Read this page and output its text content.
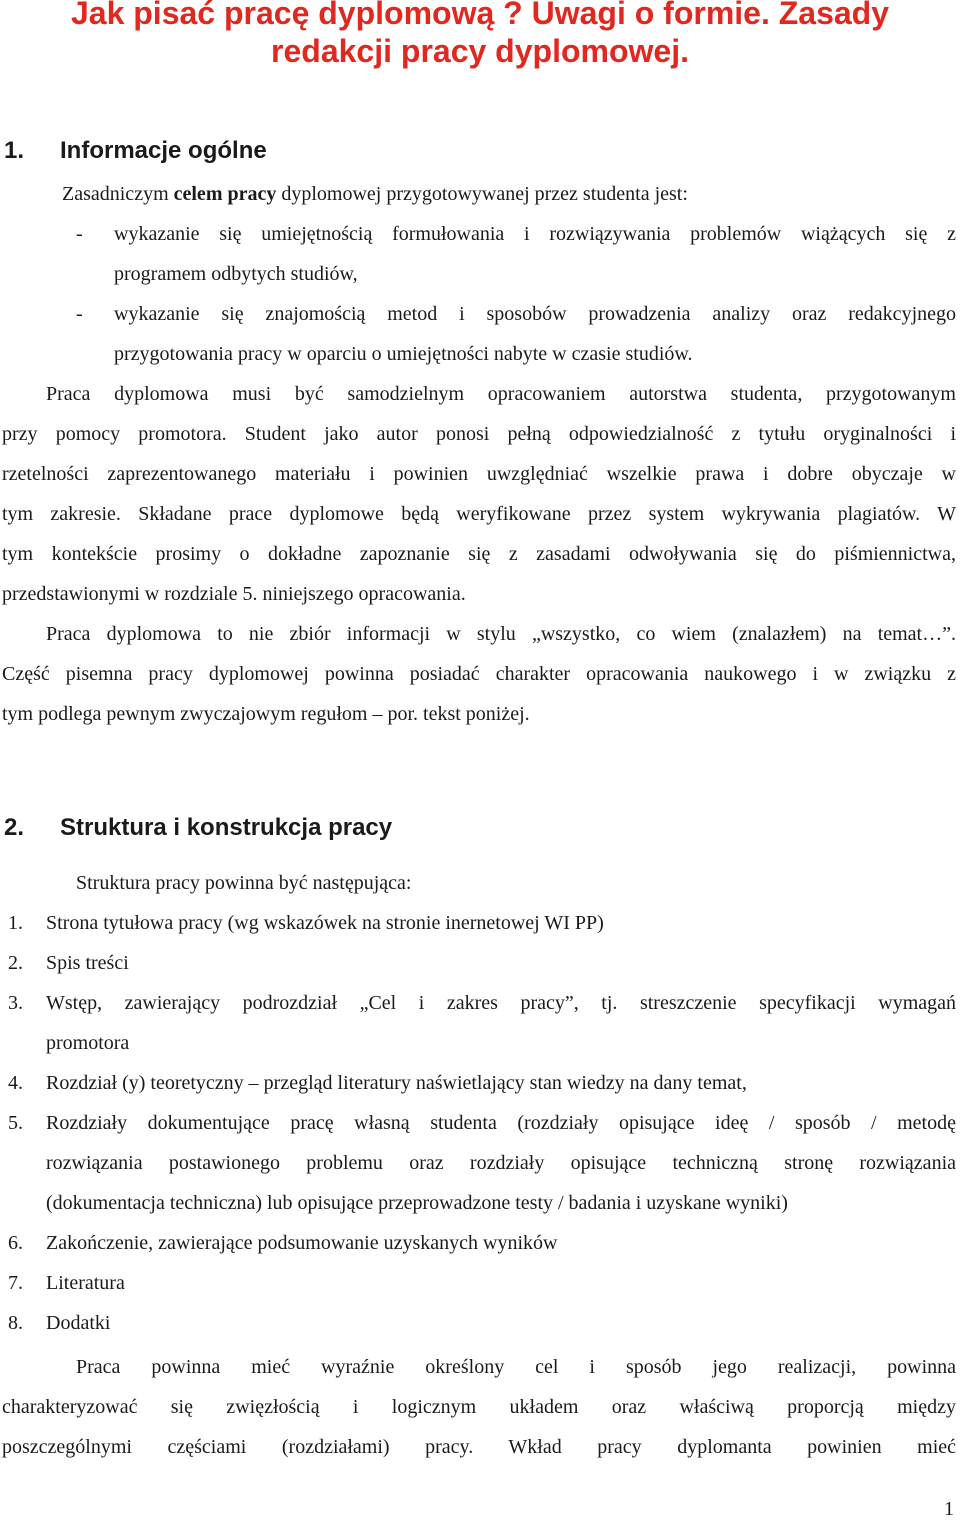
Jak pisać pracę dyplomową ? Uwagi o formie. Zasady
redakcji pracy dyplomowej.
1. Informacje ogólne

Zasadniczym celem pracy dyplomowej przygotowywanej przez studenta jest:

- wykazanie się umiejętnością formułowania i rozwiązywania problemów wiążących się z

programem odbytych studiów,

- wykazanie się znajomością metod i sposobów prowadzenia analizy oraz redakcyjnego

przygotowania pracy w oparciu o umiejętności nabyte w czasie studiów.

Praca dyplomowa musi być samodzielnym opracowaniem autorstwa studenta, przygotowanym

przy pomocy promotora. Student jako autor ponosi pełną odpowiedzialność z tytułu oryginalności i

rzetelności zaprezentowanego materiału i powinien uwzględniać wszelkie prawa i dobre obyczaje w

tym zakresie. Składane prace dyplomowe będą weryfikowane przez system wykrywania plagiatów. W

tym kontekście prosimy o dokładne zapoznanie się z zasadami odwoływania się do piśmiennictwa,

przedstawionymi w rozdziale 5. niniejszego opracowania.

Praca dyplomowa to nie zbiór informacji w stylu „wszystko, co wiem (znalazłem) na temat…”.

Część pisemna pracy dyplomowej powinna posiadać charakter opracowania naukowego i w związku z

tym podlega pewnym zwyczajowym regułom – por. tekst poniżej.

2. Struktura i konstrukcja pracy

Struktura pracy powinna być następująca:

1. Strona tytułowa pracy (wg wskazówek na stronie inernetowej WI PP)

2. Spis treści

3. Wstęp, zawierający podrozdział „Cel i zakres pracy”, tj. streszczenie specyfikacji wymagań

promotora

4. Rozdział (y) teoretyczny – przegląd literatury naświetlający stan wiedzy na dany temat,

5. Rozdziały dokumentujące pracę własną studenta (rozdziały opisujące ideę / sposób / metodę

rozwiązania postawionego problemu oraz rozdziały opisujące techniczną stronę rozwiązania

(dokumentacja techniczna) lub opisujące przeprowadzone testy / badania i uzyskane wyniki)

6. Zakończenie, zawierające podsumowanie uzyskanych wyników

7. Literatura

8. Dodatki

Praca powinna mieć wyraźnie określony cel i sposób jego realizacji, powinna

charakteryzować się zwięzłością i logicznym układem oraz właściwą proporcją między

poszczególnymi częściami (rozdziałami) pracy. Wkład pracy dyplomanta powinien mieć

1
